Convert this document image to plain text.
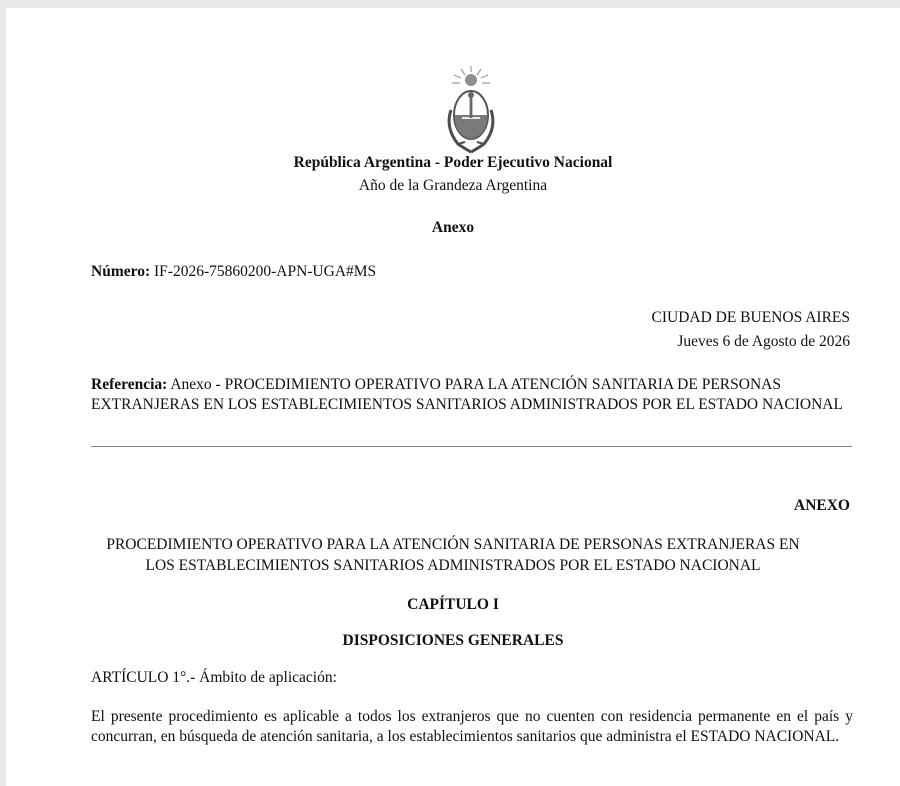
República Argentina - Poder Ejecutivo Nacional
Año de la Grandeza Argentina
Anexo
Número: IF-2026-75860200-APN-UGA#MS
CIUDAD DE BUENOS AIRES
Jueves 6 de Agosto de 2026
Referencia: Anexo - PROCEDIMIENTO OPERATIVO PARA LA ATENCIÓN SANITARIA DE PERSONAS EXTRANJERAS EN LOS ESTABLECIMIENTOS SANITARIOS ADMINISTRADOS POR EL ESTADO NACIONAL
ANEXO
PROCEDIMIENTO OPERATIVO PARA LA ATENCIÓN SANITARIA DE PERSONAS EXTRANJERAS EN
LOS ESTABLECIMIENTOS SANITARIOS ADMINISTRADOS POR EL ESTADO NACIONAL
CAPÍTULO I
DISPOSICIONES GENERALES
ARTÍCULO 1°.- Ámbito de aplicación:
El presente procedimiento es aplicable a todos los extranjeros que no cuenten con residencia permanente en el país y concurran, en búsqueda de atención sanitaria, a los establecimientos sanitarios que administra el ESTADO NACIONAL.
